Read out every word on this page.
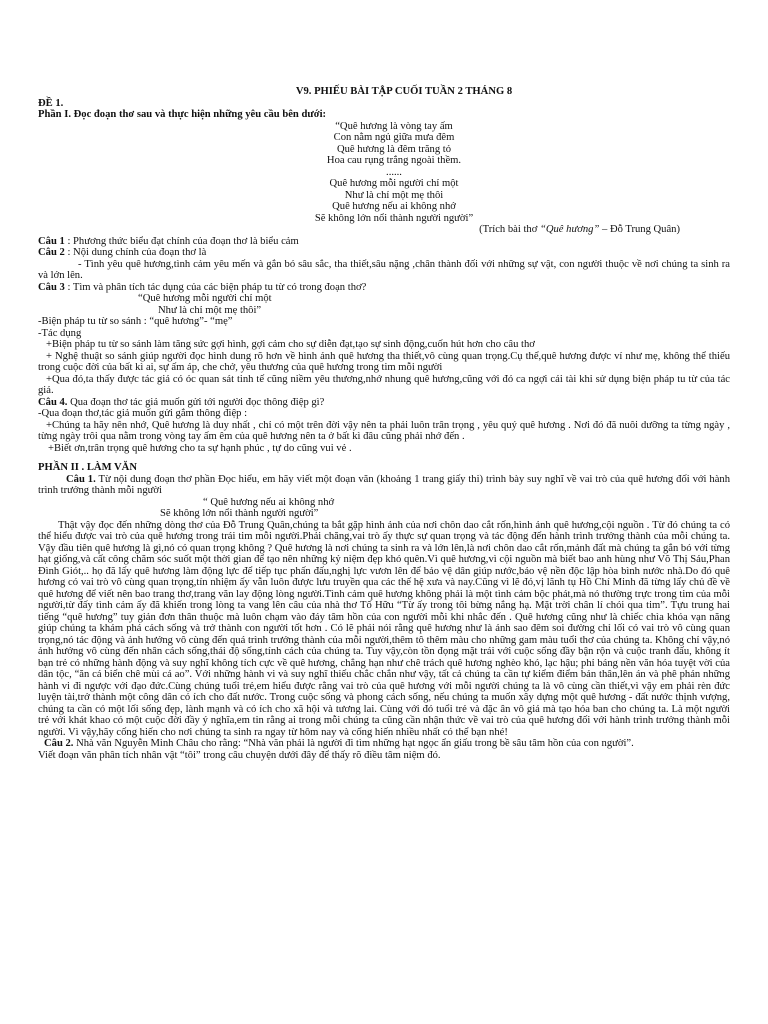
V9. PHIẾU BÀI TẬP CUỐI TUẦN 2 THÁNG 8
ĐỀ 1.
Phần I. Đọc đoạn thơ sau và thực hiện những yêu cầu bên dưới:
“Quê hương là vòng tay ấm
Con nằm ngủ giữa mưa đêm
Quê hương là đêm trăng tỏ
Hoa cau rụng trắng ngoài thềm.
......
Quê hương mỗi người chỉ một
Như là chỉ một mẹ thôi
Quê hương nếu ai không nhớ
Sẽ không lớn nổi thành người người”
(Trích bài thơ “Quê hương” – Đỗ Trung Quân)
Câu 1 : Phương thức biểu đạt chính của đoạn thơ là biểu cảm
Câu 2 : Nội dung chính của đoạn thơ là
- Tình yêu quê hương,tình cảm yêu mến và gắn bó sâu sắc, tha thiết,sâu nặng ,chân thành đối với những sự vật, con người thuộc về nơi chúng ta sinh ra và lớn lên.
Câu 3 : Tìm và phân tích tác dụng của các biện pháp tu từ có trong đoạn thơ?
“Quê hương mỗi người chỉ một
Như là chỉ một mẹ thôi”
-Biện pháp tu từ so sánh : “quê hương”- “mẹ”
-Tác dụng
+Biện pháp tu từ so sánh làm tăng sức gợi hình, gợi cảm cho sự diễn đạt,tạo sự sinh động,cuốn hút hơn cho câu thơ
+ Nghệ thuật so sánh giúp người đọc hình dung rõ hơn về hình ảnh quê hương tha thiết,vô cùng quan trọng.Cụ thể,quê hương được ví như mẹ, không thể thiếu trong cuộc đời của bất kì ai, sự ấm áp, che chở, yêu thương của quê hương trong tim mỗi người
+Qua đó,ta thấy được tác giả có óc quan sát tinh tế cũng niềm yêu thương,nhớ nhung quê hương,cũng với đó ca ngợi cái tài khi sử dụng biện pháp tu từ của tác giả.
Câu 4. Qua đoạn thơ tác giả muốn gửi tới người đọc thông điệp gì?
-Qua đoạn thơ,tác giả muốn gửi gắm thông điệp :
+Chúng ta hãy nên nhớ, Quê hương là duy nhất , chỉ có một trên đời vậy nên ta phải luôn trân trọng , yêu quý quê hương . Nơi đó đã nuôi dưỡng ta từng ngày , từng ngày trôi qua nằm trong vòng tay ấm êm của quê hương nên ta ở bất kì đâu cũng phải nhớ đến .
+Biết ơn,trân trọng quê hương cho ta sự hạnh phúc , tự do cũng vui vẻ .
PHẦN II . LÀM VĂN
Câu 1. Từ nội dung đoạn thơ phần Đọc hiểu, em hãy viết một đoạn văn (khoảng 1 trang giấy thi) trình bày suy nghĩ về vai trò của quê hương đối với hành trình trưởng thành mỗi người
“ Quê hương nếu ai không nhớ
Sẽ không lớn nổi thành người người”
Thật vậy đọc đến những dòng thơ của Đỗ Trung Quân,chúng ta bắt gặp hình ảnh của nơi chôn dao cắt rốn,hình ảnh quê hương,cội nguồn . Từ đó chúng ta có thể hiểu được vai trò của quê hương trong trái tim mỗi người.Phải chăng,vai trò ấy thực sự quan trọng và tác động đến hành trình trưởng thành của mỗi chúng ta. Vậy đầu tiên quê hương là gì,nó có quan trọng không ? Quê hương là nơi chúng ta sinh ra và lớn lên,là nơi chôn dao cắt rốn,mảnh đất mà chúng ta gắn bó với từng hạt giống,và cất công chăm sóc suốt một thời gian để tạo nên những kỷ niệm đẹp khó quên.Vì quê hương,vì cội nguồn mà biết bao anh hùng như Võ Thị Sáu,Phan Đình Giót,.. họ đã lấy quê hương làm động lực để tiếp tục phấn đấu,nghị lực vươn lên để bảo vệ dân giúp nước,bảo vệ nền độc lập hòa bình nước nhà.Do đó quê hương có vai trò vô cùng quan trọng,tín nhiệm ấy vẫn luôn được lưu truyền qua các thế hệ xưa và nay.Cũng vì lẽ đó,vị lãnh tụ Hồ Chí Minh đã từng lấy chủ đề về quê hương để viết nên bao trang thơ,trang văn lay động lòng người.Tình cảm quê hương không phải là một tình cảm bộc phát,mà nó thường trực trong tim của mỗi người,từ đấy tình cảm ấy đã khiến trong lòng ta vang lên câu của nhà thơ Tố Hữu “Từ ấy trong tôi bừng nắng hạ. Mặt trời chân lí chói qua tim”. Tựu trung hai tiếng “quê hương” tuy giản đơn thân thuộc mà luôn chạm vào đáy tâm hồn của con người mỗi khi nhắc đến . Quê hương cũng như là chiếc chìa khóa vạn năng giúp chúng ta khám phá cách sống và trở thành con người tốt hơn . Có lẽ phải nói rằng quê hương như là ánh sao đêm soi đường chỉ lối có vai trò vô cùng quan trọng,nó tác động và ảnh hưởng vô cùng đến quá trình trưởng thành của mỗi người,thêm tô thêm màu cho những gam màu tuổi thơ của chúng ta. Không chỉ vậy,nó ảnh hưởng vô cùng đến nhân cách sống,thái độ sống,tính cách của chúng ta. Tuy vậy,còn tồn đọng mặt trái với cuộc sống đầy bận rộn và cuộc tranh đấu, không ít bạn trẻ có những hành động và suy nghĩ không tích cực về quê hương, chẳng hạn như chê trách quê hương nghèo khó, lạc hậu; phỉ báng nền văn hóa tuyệt vời của dân tộc, “ăn cá biển chê mùi cá ao”. Với những hành vi và suy nghĩ thiếu chắc chắn như vậy, tất cả chúng ta cần tự kiểm điểm bản thân,lên án và phê phán những hành vi đi ngược với đạo đức.Cùng chúng tuổi trẻ,em hiểu được rằng vai trò của quê hương với mỗi người chúng ta là vô cùng cần thiết,vì vậy em phải rèn đức luyện tài,trở thành một công dân có ích cho đất nước. Trong cuộc sống và phong cách sống, nếu chúng ta muốn xây dựng một quê hương - đất nước thịnh vượng, chúng ta cần có một lối sống đẹp, lành mạnh và có ích cho xã hội và tương lai. Cùng với đó tuổi trẻ và đặc ân vô giá mà tạo hóa ban cho chúng ta. Là một người trẻ với khát khao có một cuộc đời đầy ý nghĩa,em tin rằng ai trong mỗi chúng ta cũng cần nhận thức về vai trò của quê hương đối với hành trình trưởng thành mỗi người. Vì vậy,hãy cống hiến cho nơi chúng ta sinh ra ngay từ hôm nay và cống hiến nhiều nhất có thể bạn nhé!
Câu 2. Nhà văn Nguyễn Minh Châu cho rằng: “Nhà văn phải là người đi tìm những hạt ngọc ẩn giấu trong bề sâu tâm hồn của con người”.
Viết đoạn văn phân tích nhân vật “tôi” trong câu chuyện dưới đây để thấy rõ điều tâm niệm đó.
